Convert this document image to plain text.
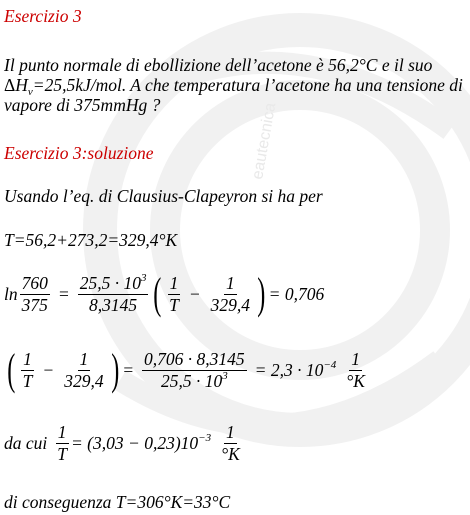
eautecnica
Esercizio 3
Il punto normale di ebollizione dell’acetone è 56,2°C e il suo $\Delta H_v=25,5kJ$/mol. A che temperatura l’acetone ha una tensione di vapore di 375mmHg ?
Esercizio 3:soluzione
Usando l’eq. di Clausius-Clapeyron si ha per
T=56,2+273,2=329,4°K
$\ln \frac{760}{375} = \frac{25,5 \cdot 10^3}{8,3145}$ ( $\frac{1}{T} - \frac{1}{329,4}$ ) = 0,706
( $\frac{1}{T} - \frac{1}{329,4}$ ) = $\frac{0,706 \cdot 8,3145}{25,5 \cdot 10^3} = 2,3 \cdot 10^{-4} \frac{1}{^\circ K}$
da cui $\frac{1}{T} = (3,03 - 0,23)10^{-3} \frac{1}{^\circ K}$
di conseguenza T=306°K=33°C
